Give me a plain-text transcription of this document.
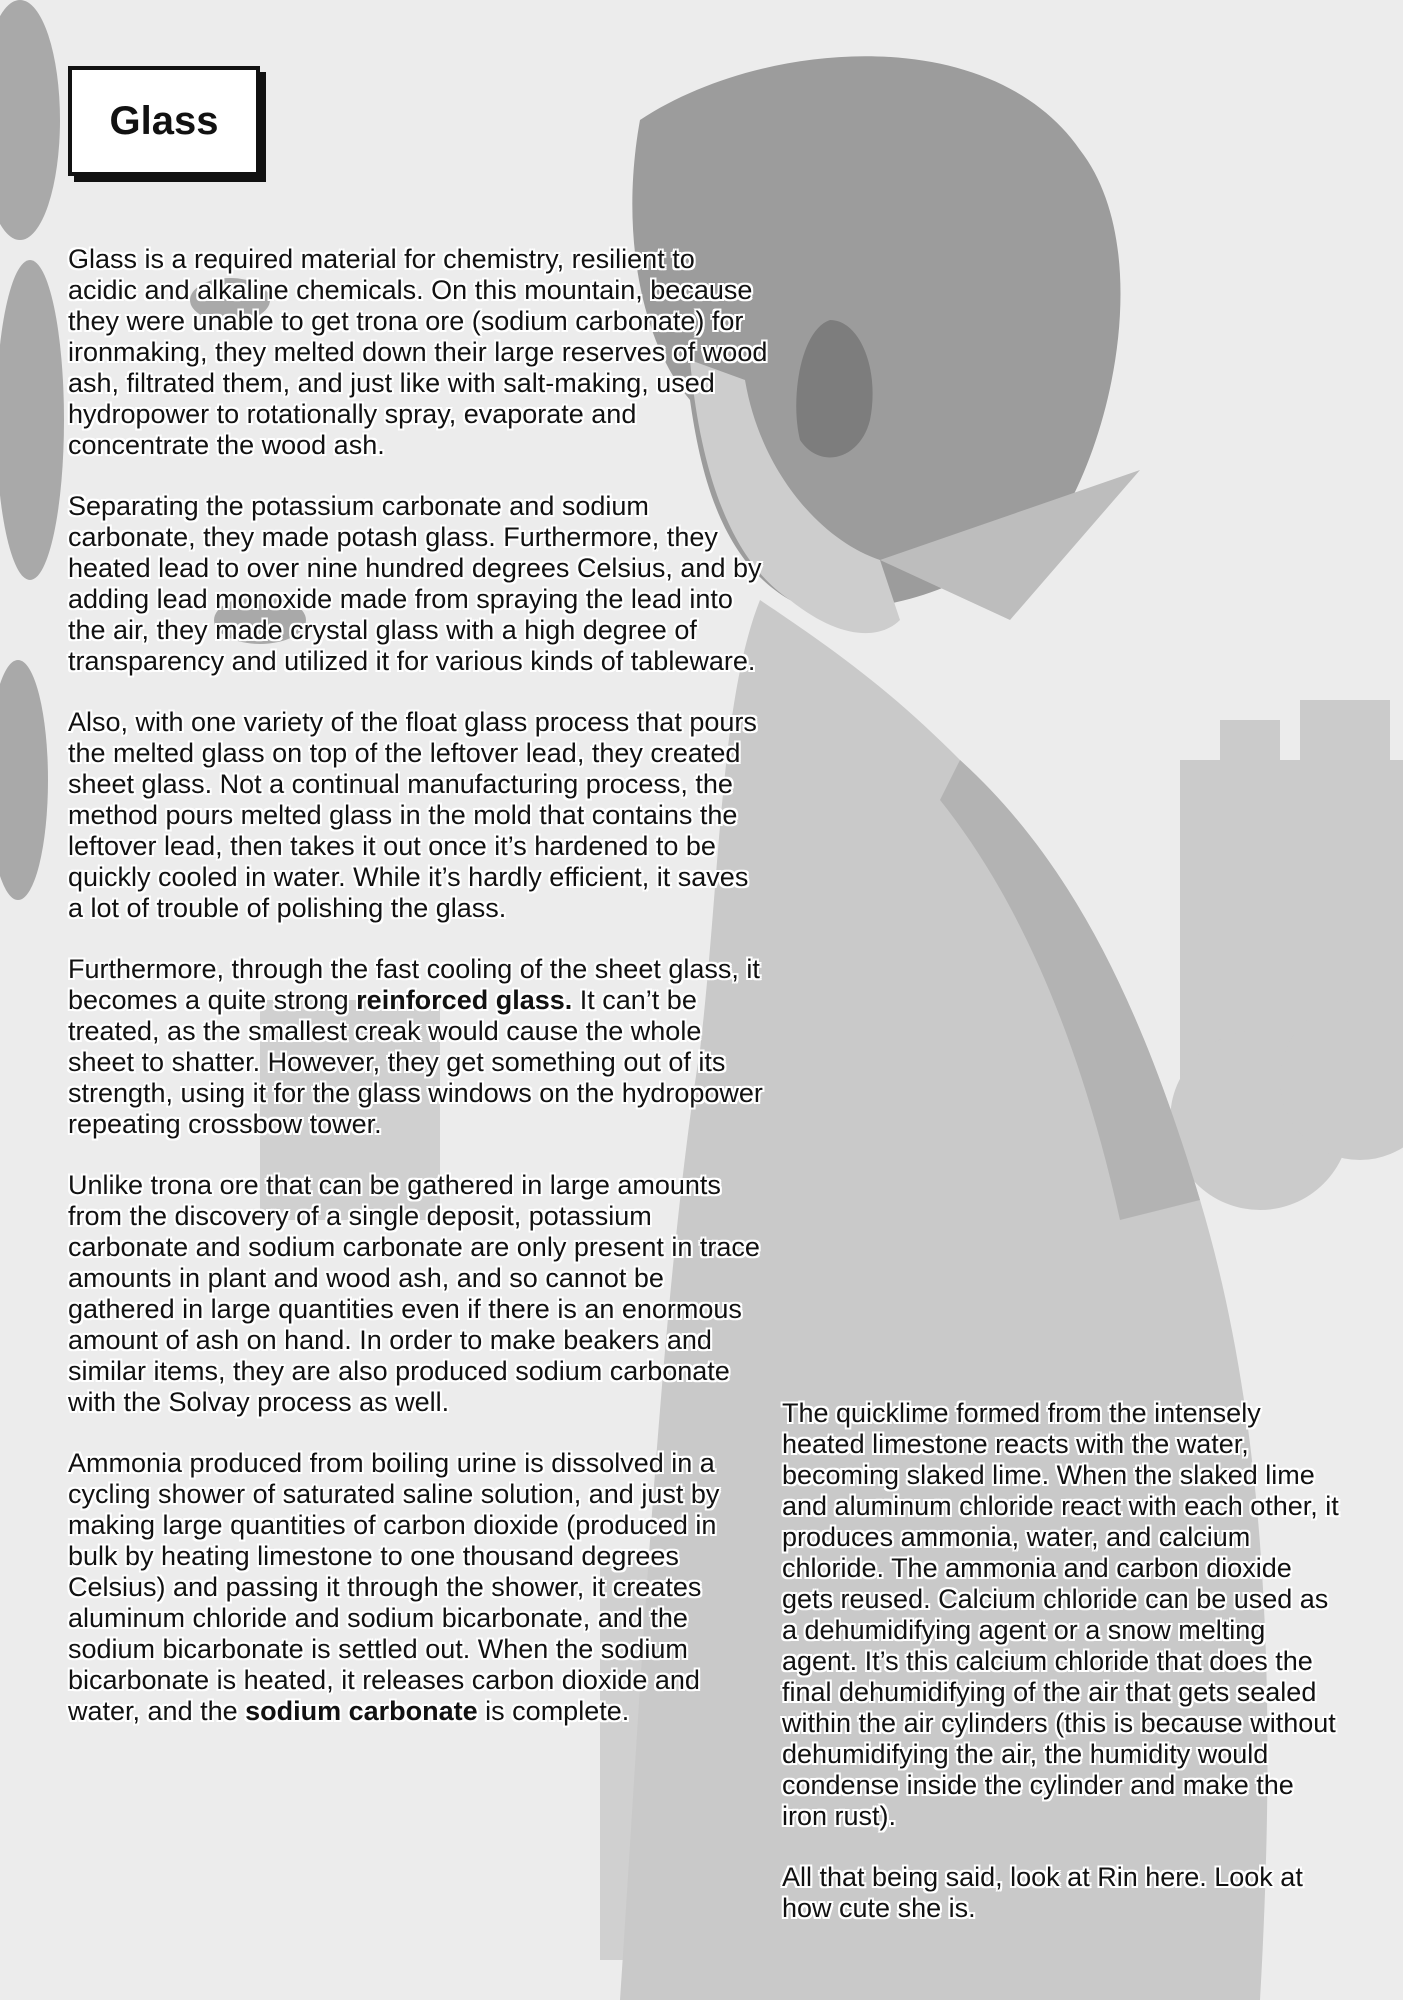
Glass

Glass is a required material for chemistry, resilient to acidic and alkaline chemicals. On this mountain, because they were unable to get trona ore (sodium carbonate) for ironmaking, they melted down their large reserves of wood ash, filtrated them, and just like with salt-making, used hydropower to rotationally spray, evaporate and concentrate the wood ash.

Separating the potassium carbonate and sodium carbonate, they made potash glass. Furthermore, they heated lead to over nine hundred degrees Celsius, and by adding lead monoxide made from spraying the lead into the air, they made crystal glass with a high degree of transparency and utilized it for various kinds of tableware.

Also, with one variety of the float glass process that pours the melted glass on top of the leftover lead, they created sheet glass. Not a continual manufacturing process, the method pours melted glass in the mold that contains the leftover lead, then takes it out once it’s hardened to be quickly cooled in water. While it’s hardly efficient, it saves a lot of trouble of polishing the glass.

Furthermore, through the fast cooling of the sheet glass, it becomes a quite strong reinforced glass. It can’t be treated, as the smallest creak would cause the whole sheet to shatter. However, they get something out of its strength, using it for the glass windows on the hydropower repeating crossbow tower.

Unlike trona ore that can be gathered in large amounts from the discovery of a single deposit, potassium carbonate and sodium carbonate are only present in trace amounts in plant and wood ash, and so cannot be gathered in large quantities even if there is an enormous amount of ash on hand. In order to make beakers and similar items, they are also produced sodium carbonate with the Solvay process as well.

Ammonia produced from boiling urine is dissolved in a cycling shower of saturated saline solution, and just by making large quantities of carbon dioxide (produced in bulk by heating limestone to one thousand degrees Celsius) and passing it through the shower, it creates aluminum chloride and sodium bicarbonate, and the sodium bicarbonate is settled out. When the sodium bicarbonate is heated, it releases carbon dioxide and water, and the sodium carbonate is complete.

The quicklime formed from the intensely heated limestone reacts with the water, becoming slaked lime. When the slaked lime and aluminum chloride react with each other, it produces ammonia, water, and calcium chloride. The ammonia and carbon dioxide gets reused. Calcium chloride can be used as a dehumidifying agent or a snow melting agent. It’s this calcium chloride that does the final dehumidifying of the air that gets sealed within the air cylinders (this is because without dehumidifying the air, the humidity would condense inside the cylinder and make the iron rust).

All that being said, look at Rin here. Look at how cute she is.
